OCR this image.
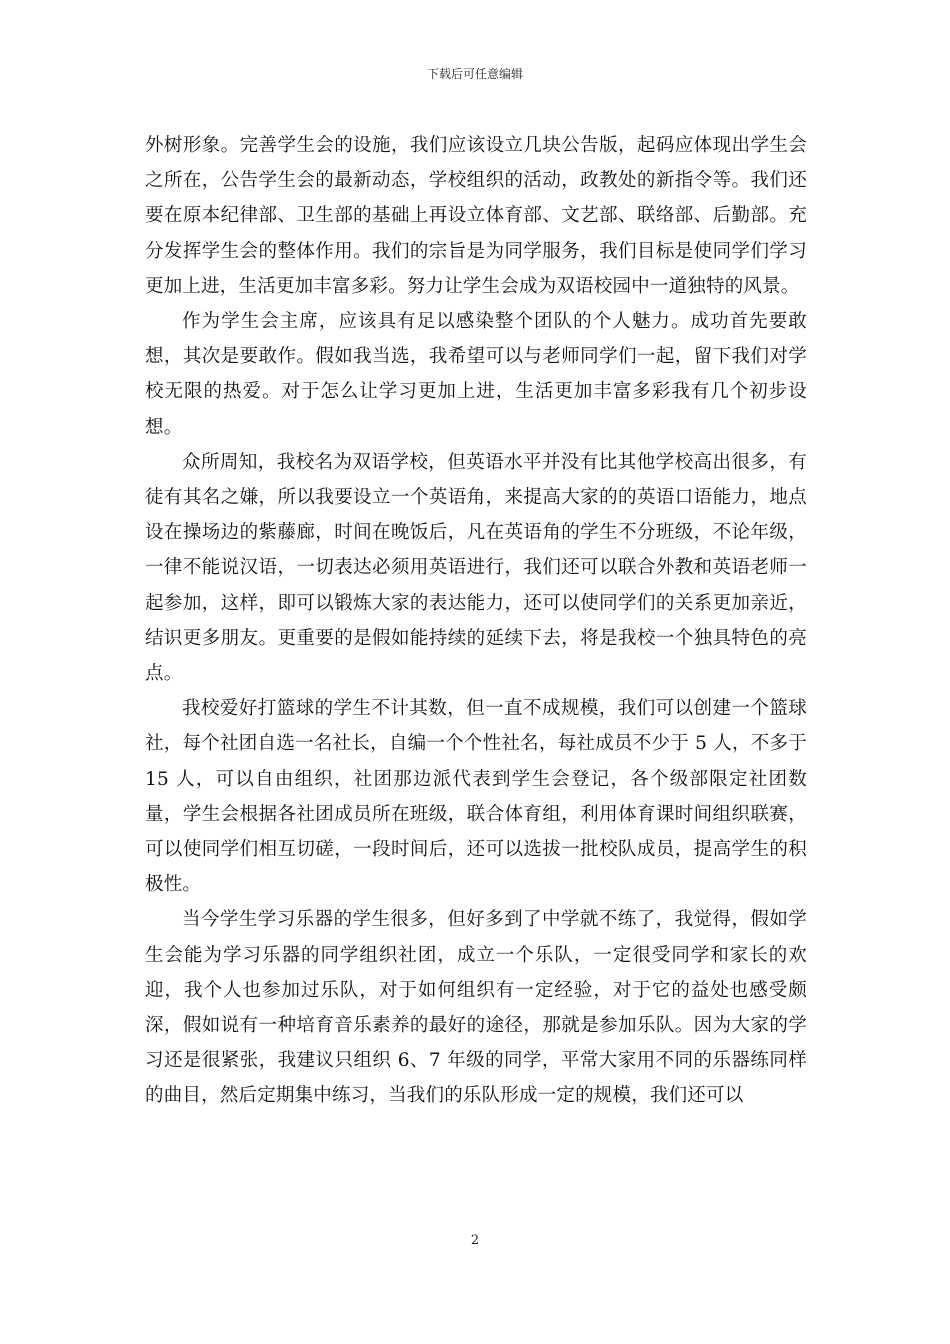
下载后可任意编辑

外树形象。完善学生会的设施，我们应该设立几块公告版，起码应体现出学生会之所在，公告学生会的最新动态，学校组织的活动，政教处的新指令等。我们还要在原本纪律部、卫生部的基础上再设立体育部、文艺部、联络部、后勤部。充分发挥学生会的整体作用。我们的宗旨是为同学服务，我们目标是使同学们学习更加上进，生活更加丰富多彩。努力让学生会成为双语校园中一道独特的风景。

作为学生会主席，应该具有足以感染整个团队的个人魅力。成功首先要敢想，其次是要敢作。假如我当选，我希望可以与老师同学们一起，留下我们对学校无限的热爱。对于怎么让学习更加上进，生活更加丰富多彩我有几个初步设想。

众所周知，我校名为双语学校，但英语水平并没有比其他学校高出很多，有徒有其名之嫌，所以我要设立一个英语角，来提高大家的的英语口语能力，地点设在操场边的紫藤廊，时间在晚饭后，凡在英语角的学生不分班级，不论年级，一律不能说汉语，一切表达必须用英语进行，我们还可以联合外教和英语老师一起参加，这样，即可以锻炼大家的表达能力，还可以使同学们的关系更加亲近，结识更多朋友。更重要的是假如能持续的延续下去，将是我校一个独具特色的亮点。

我校爱好打篮球的学生不计其数，但一直不成规模，我们可以创建一个篮球社，每个社团自选一名社长，自编一个个性社名，每社成员不少于 5 人，不多于 15 人，可以自由组织，社团那边派代表到学生会登记，各个级部限定社团数量，学生会根据各社团成员所在班级，联合体育组，利用体育课时间组织联赛，可以使同学们相互切磋，一段时间后，还可以选拔一批校队成员，提高学生的积极性。

当今学生学习乐器的学生很多，但好多到了中学就不练了，我觉得，假如学生会能为学习乐器的同学组织社团，成立一个乐队，一定很受同学和家长的欢迎，我个人也参加过乐队，对于如何组织有一定经验，对于它的益处也感受颇深，假如说有一种培育音乐素养的最好的途径，那就是参加乐队。因为大家的学习还是很紧张，我建议只组织 6、7 年级的同学，平常大家用不同的乐器练同样的曲目，然后定期集中练习，当我们的乐队形成一定的规模，我们还可以

2
